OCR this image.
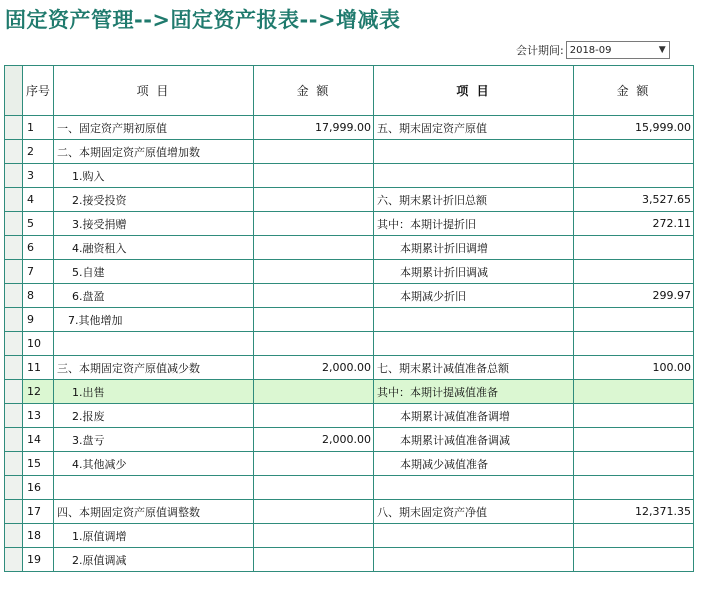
固定资产管理-->固定资产报表-->增减表
会计期间: 2018-09	▼
	序号	项 目	金 额	项 目	金 额
	1	一、固定资产期初原值	17,999.00	五、期末固定资产原值	15,999.00
	2	二、本期固定资产原值增加数			
	3	1.购入			
	4	2.接受投资		六、期末累计折旧总额	3,527.65
	5	3.接受捐赠		其中：本期计提折旧	272.11
	6	4.融资租入		本期累计折旧调增	
	7	5.自建		本期累计折旧调减	
	8	6.盘盈		本期减少折旧	299.97
	9	7.其他增加			
	10				
	11	三、本期固定资产原值减少数	2,000.00	七、期末累计减值准备总额	100.00
	12	1.出售		其中：本期计提减值准备	
	13	2.报废		本期累计减值准备调增	
	14	3.盘亏	2,000.00	本期累计减值准备调减	
	15	4.其他减少		本期减少减值准备	
	16				
	17	四、本期固定资产原值调整数		八、期末固定资产净值	12,371.35
	18	1.原值调增			
	19	2.原值调减			
